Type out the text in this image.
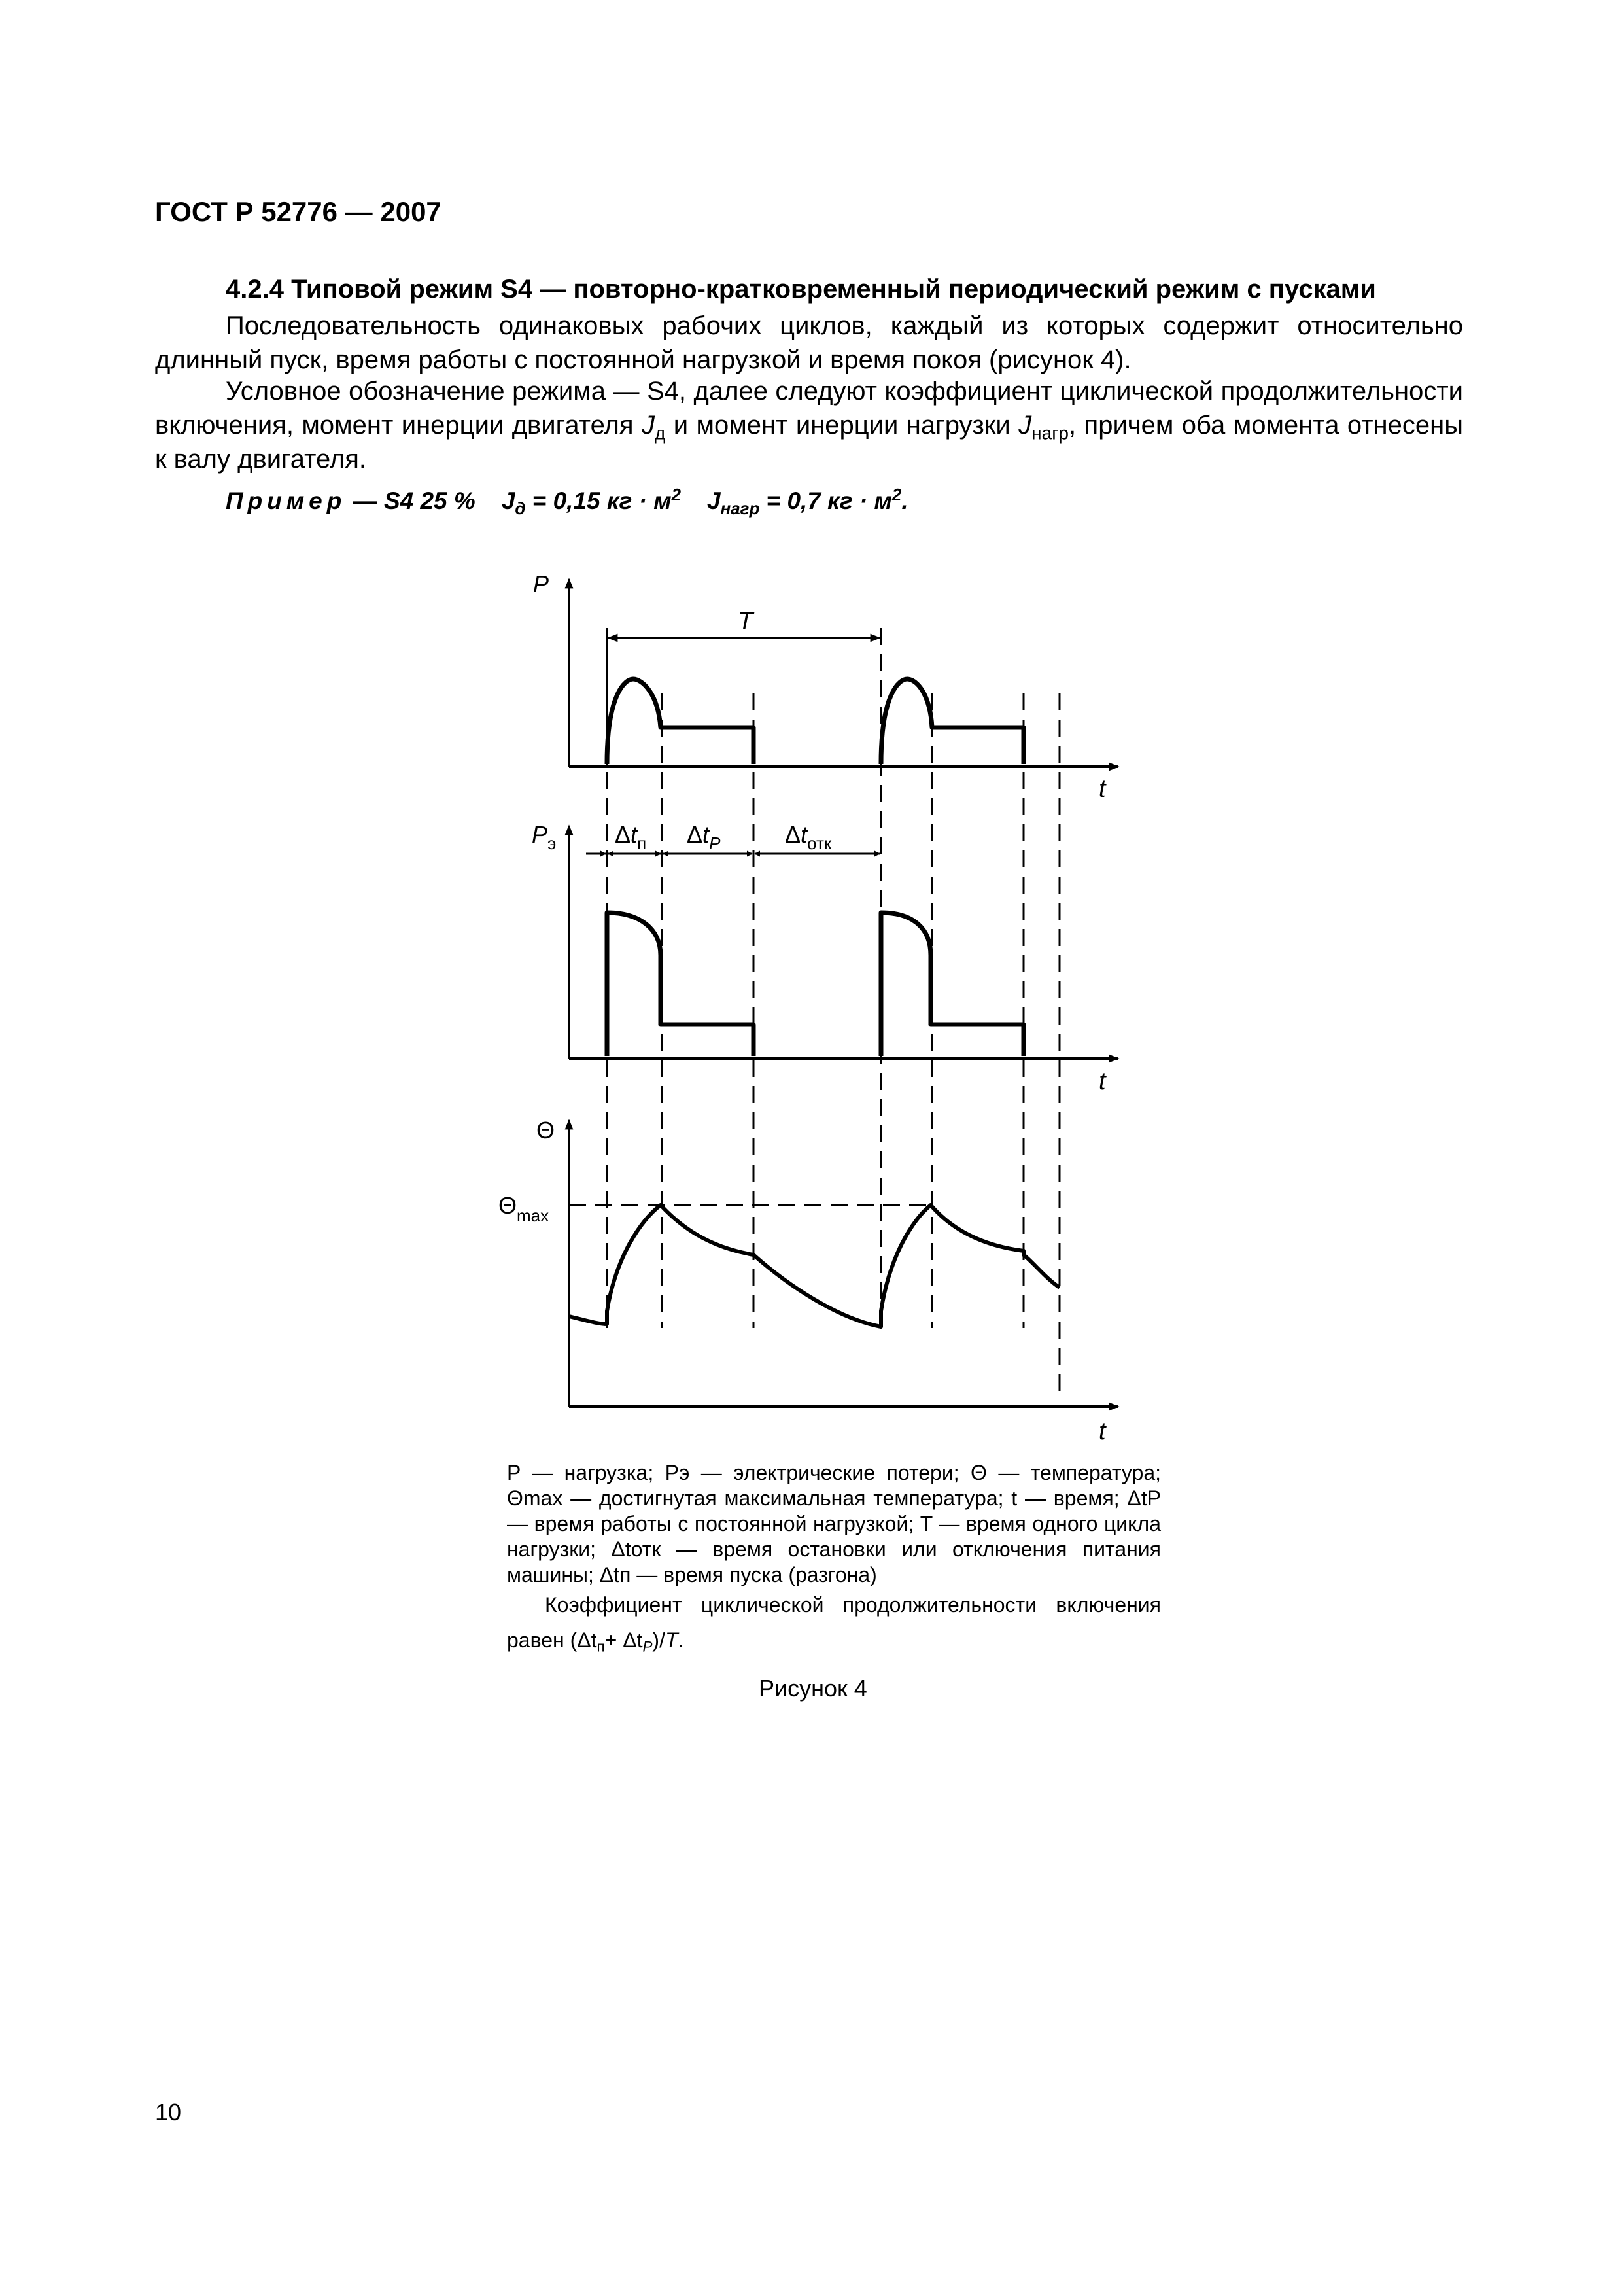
ГОСТ Р 52776 — 2007
4.2.4 Типовой режим S4 — повторно-кратковременный периодический режим с пусками
Последовательность одинаковых рабочих циклов, каждый из которых содержит относительно длинный пуск, время работы с постоянной нагрузкой и время покоя (рисунок 4).
Условное обозначение режима — S4, далее следуют коэффициент циклической продолжительности включения, момент инерции двигателя $J_д$ и момент инерции нагрузки $J_{нагр}$, причем оба момента отнесены к валу двигателя.
Пример — S4 25 % $J_д = 0,15$ кг · $м^2$ $J_{нагр} = 0,7$ кг · $м^2$.
P
T
t
$P_э$ $\Delta t_п$ $\Delta t_P$	$\Delta t_{отк}$
t
Θ
$\Theta_{max}$
t
P — нагрузка; Pэ — электрические потери; Θ — температура; Θmax — достигнутая максимальная температура; t — время; ΔtP — время работы с постоянной нагрузкой; T — время одного цикла нагрузки; Δtотк — время остановки или отключения питания машины; Δtп — время пуска (разгона)
Коэффициент циклической продолжительности включения равен $(\Delta t_п+ \Delta t_P)/T$.
Рисунок 4
10
